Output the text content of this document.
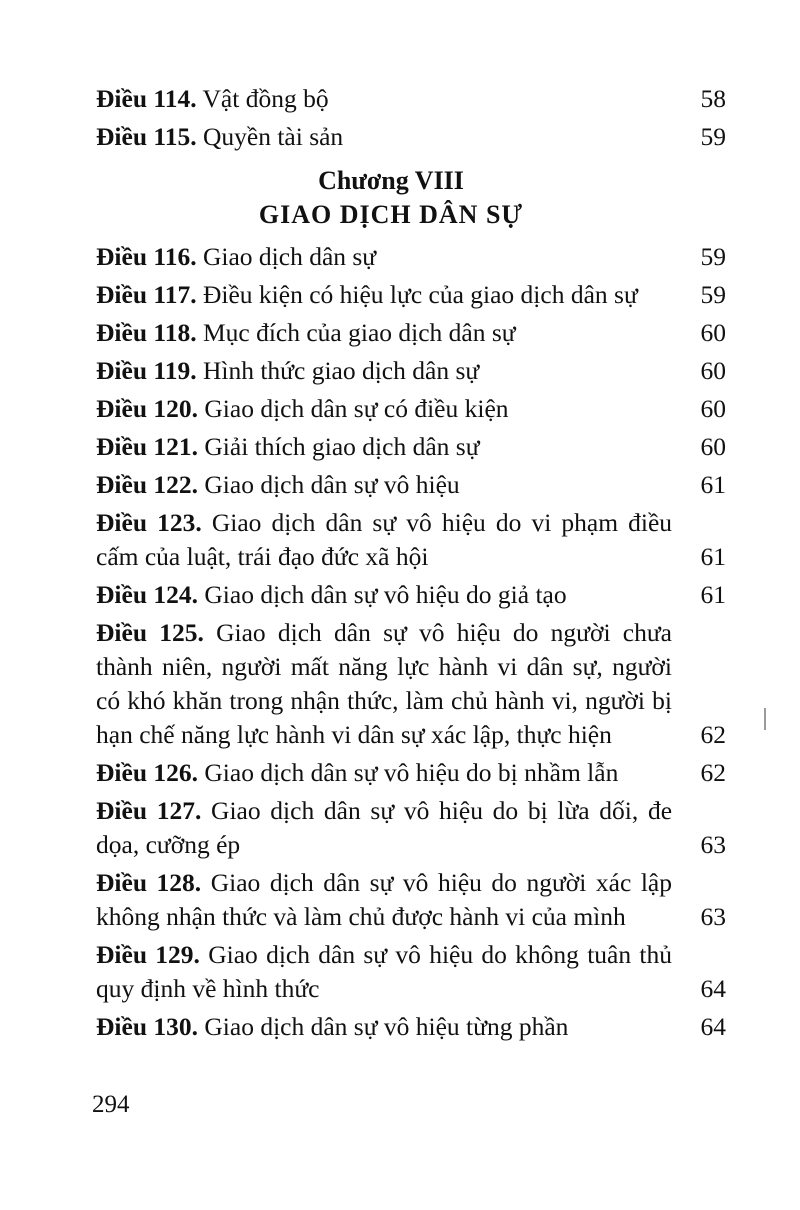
Điều 114. Vật đồng bộ	58
Điều 115. Quyền tài sản	59
Chương VIII
GIAO DỊCH DÂN SỰ
Điều 116. Giao dịch dân sự	59
Điều 117. Điều kiện có hiệu lực của giao dịch dân sự	59
Điều 118. Mục đích của giao dịch dân sự	60
Điều 119. Hình thức giao dịch dân sự	60
Điều 120. Giao dịch dân sự có điều kiện	60
Điều 121. Giải thích giao dịch dân sự	60
Điều 122. Giao dịch dân sự vô hiệu	61
Điều 123. Giao dịch dân sự vô hiệu do vi phạm điều cấm của luật, trái đạo đức xã hội	61
Điều 124. Giao dịch dân sự vô hiệu do giả tạo	61
Điều 125. Giao dịch dân sự vô hiệu do người chưa thành niên, người mất năng lực hành vi dân sự, người có khó khăn trong nhận thức, làm chủ hành vi, người bị hạn chế năng lực hành vi dân sự xác lập, thực hiện	62
Điều 126. Giao dịch dân sự vô hiệu do bị nhầm lẫn	62
Điều 127. Giao dịch dân sự vô hiệu do bị lừa dối, đe dọa, cưỡng ép	63
Điều 128. Giao dịch dân sự vô hiệu do người xác lập không nhận thức và làm chủ được hành vi của mình	63
Điều 129. Giao dịch dân sự vô hiệu do không tuân thủ quy định về hình thức	64
Điều 130. Giao dịch dân sự vô hiệu từng phần	64
294
